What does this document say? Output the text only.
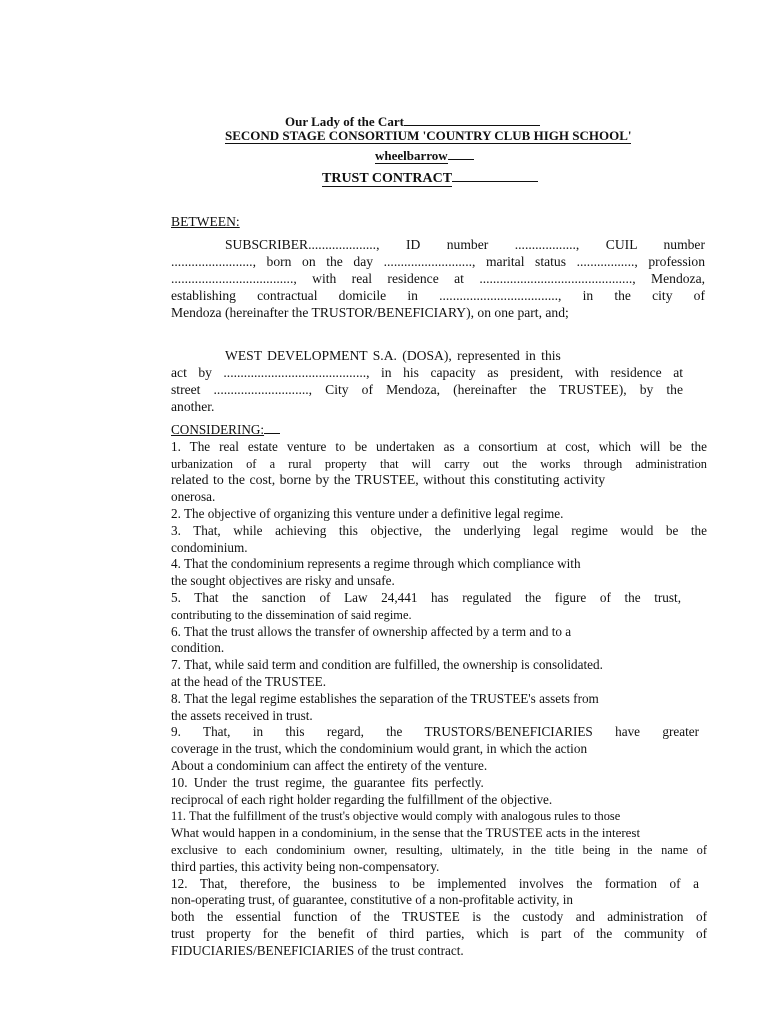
Our Lady of the Cart
SECOND STAGE CONSORTIUM 'COUNTRY CLUB HIGH SCHOOL'
wheelbarrow
TRUST CONTRACT
BETWEEN:
SUBSCRIBER...................., ID number .................., CUIL number
........................, born on the day .........................., marital status ................., profession
...................................., with real residence at ............................................., Mendoza,
establishing contractual domicile in ..................................., in the city of
Mendoza (hereinafter the TRUSTOR/BENEFICIARY), on one part, and;
WEST DEVELOPMENT S.A. (DOSA), represented in this
act by .........................................., in his capacity as president, with residence at
street ............................, City of Mendoza, (hereinafter the TRUSTEE), by the
another.
CONSIDERING:
1. The real estate venture to be undertaken as a consortium at cost, which will be the
urbanization of a rural property that will carry out the works through administration
related to the cost, borne by the TRUSTEE, without this constituting activity
onerosa.
2. The objective of organizing this venture under a definitive legal regime.
3. That, while achieving this objective, the underlying legal regime would be the
condominium.
4. That the condominium represents a regime through which compliance with
the sought objectives are risky and unsafe.
5. That the sanction of Law 24,441 has regulated the figure of the trust,
contributing to the dissemination of said regime.
6. That the trust allows the transfer of ownership affected by a term and to a
condition.
7. That, while said term and condition are fulfilled, the ownership is consolidated.
at the head of the TRUSTEE.
8. That the legal regime establishes the separation of the TRUSTEE's assets from
the assets received in trust.
9. That, in this regard, the TRUSTORS/BENEFICIARIES have greater
coverage in the trust, which the condominium would grant, in which the action
About a condominium can affect the entirety of the venture.
10. Under the trust regime, the guarantee fits perfectly.
reciprocal of each right holder regarding the fulfillment of the objective.
11. That the fulfillment of the trust's objective would comply with analogous rules to those
What would happen in a condominium, in the sense that the TRUSTEE acts in the interest
exclusive to each condominium owner, resulting, ultimately, in the title being in the name of
third parties, this activity being non-compensatory.
12. That, therefore, the business to be implemented involves the formation of a
non-operating trust, of guarantee, constitutive of a non-profitable activity, in
both the essential function of the TRUSTEE is the custody and administration of
trust property for the benefit of third parties, which is part of the community of
FIDUCIARIES/BENEFICIARIES of the trust contract.
